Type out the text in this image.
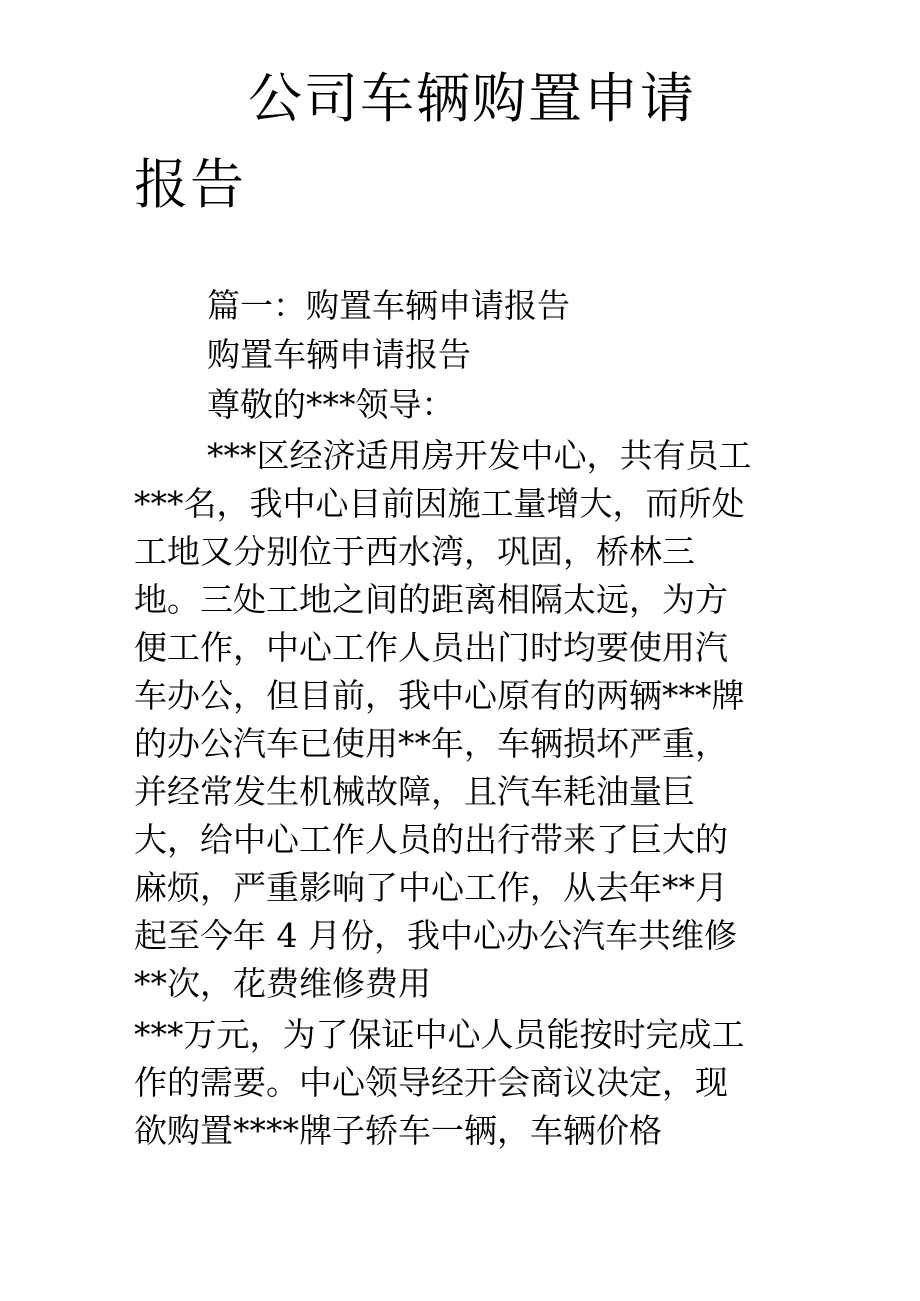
公司车辆购置申请
报告
篇一：购置车辆申请报告
购置车辆申请报告
尊敬的***领导：
***区经济适用房开发中心，共有员工
***名，我中心目前因施工量增大，而所处
工地又分别位于西水湾，巩固，桥林三
地。三处工地之间的距离相隔太远，为方
便工作，中心工作人员出门时均要使用汽
车办公，但目前，我中心原有的两辆***牌
的办公汽车已使用**年，车辆损坏严重，
并经常发生机械故障，且汽车耗油量巨
大，给中心工作人员的出行带来了巨大的
麻烦，严重影响了中心工作，从去年**月
起至今年 4 月份，我中心办公汽车共维修
**次，花费维修费用
***万元，为了保证中心人员能按时完成工
作的需要。中心领导经开会商议决定，现
欲购置****牌子轿车一辆，车辆价格
